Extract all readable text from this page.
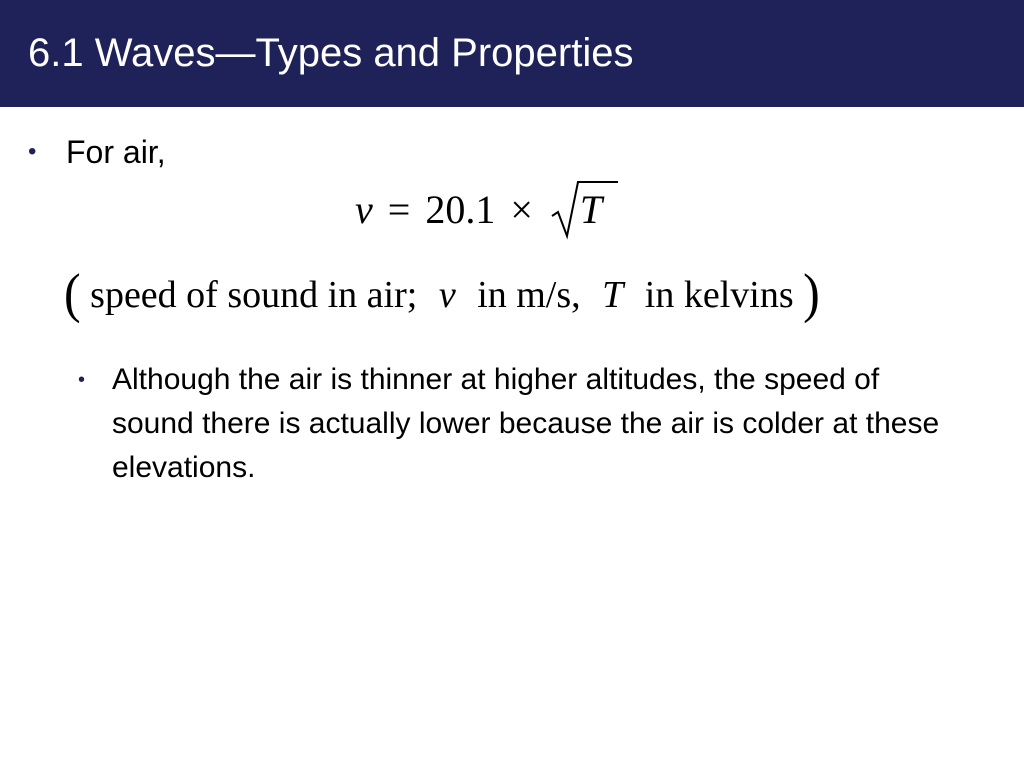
6.1 Waves—Types and Properties
• For air,
v = 20.1 × T
( speed of sound in air; v in m/s, T in kelvins )
• Although the air is thinner at higher altitudes, the speed of sound there is actually lower because the air is colder at these elevations.
